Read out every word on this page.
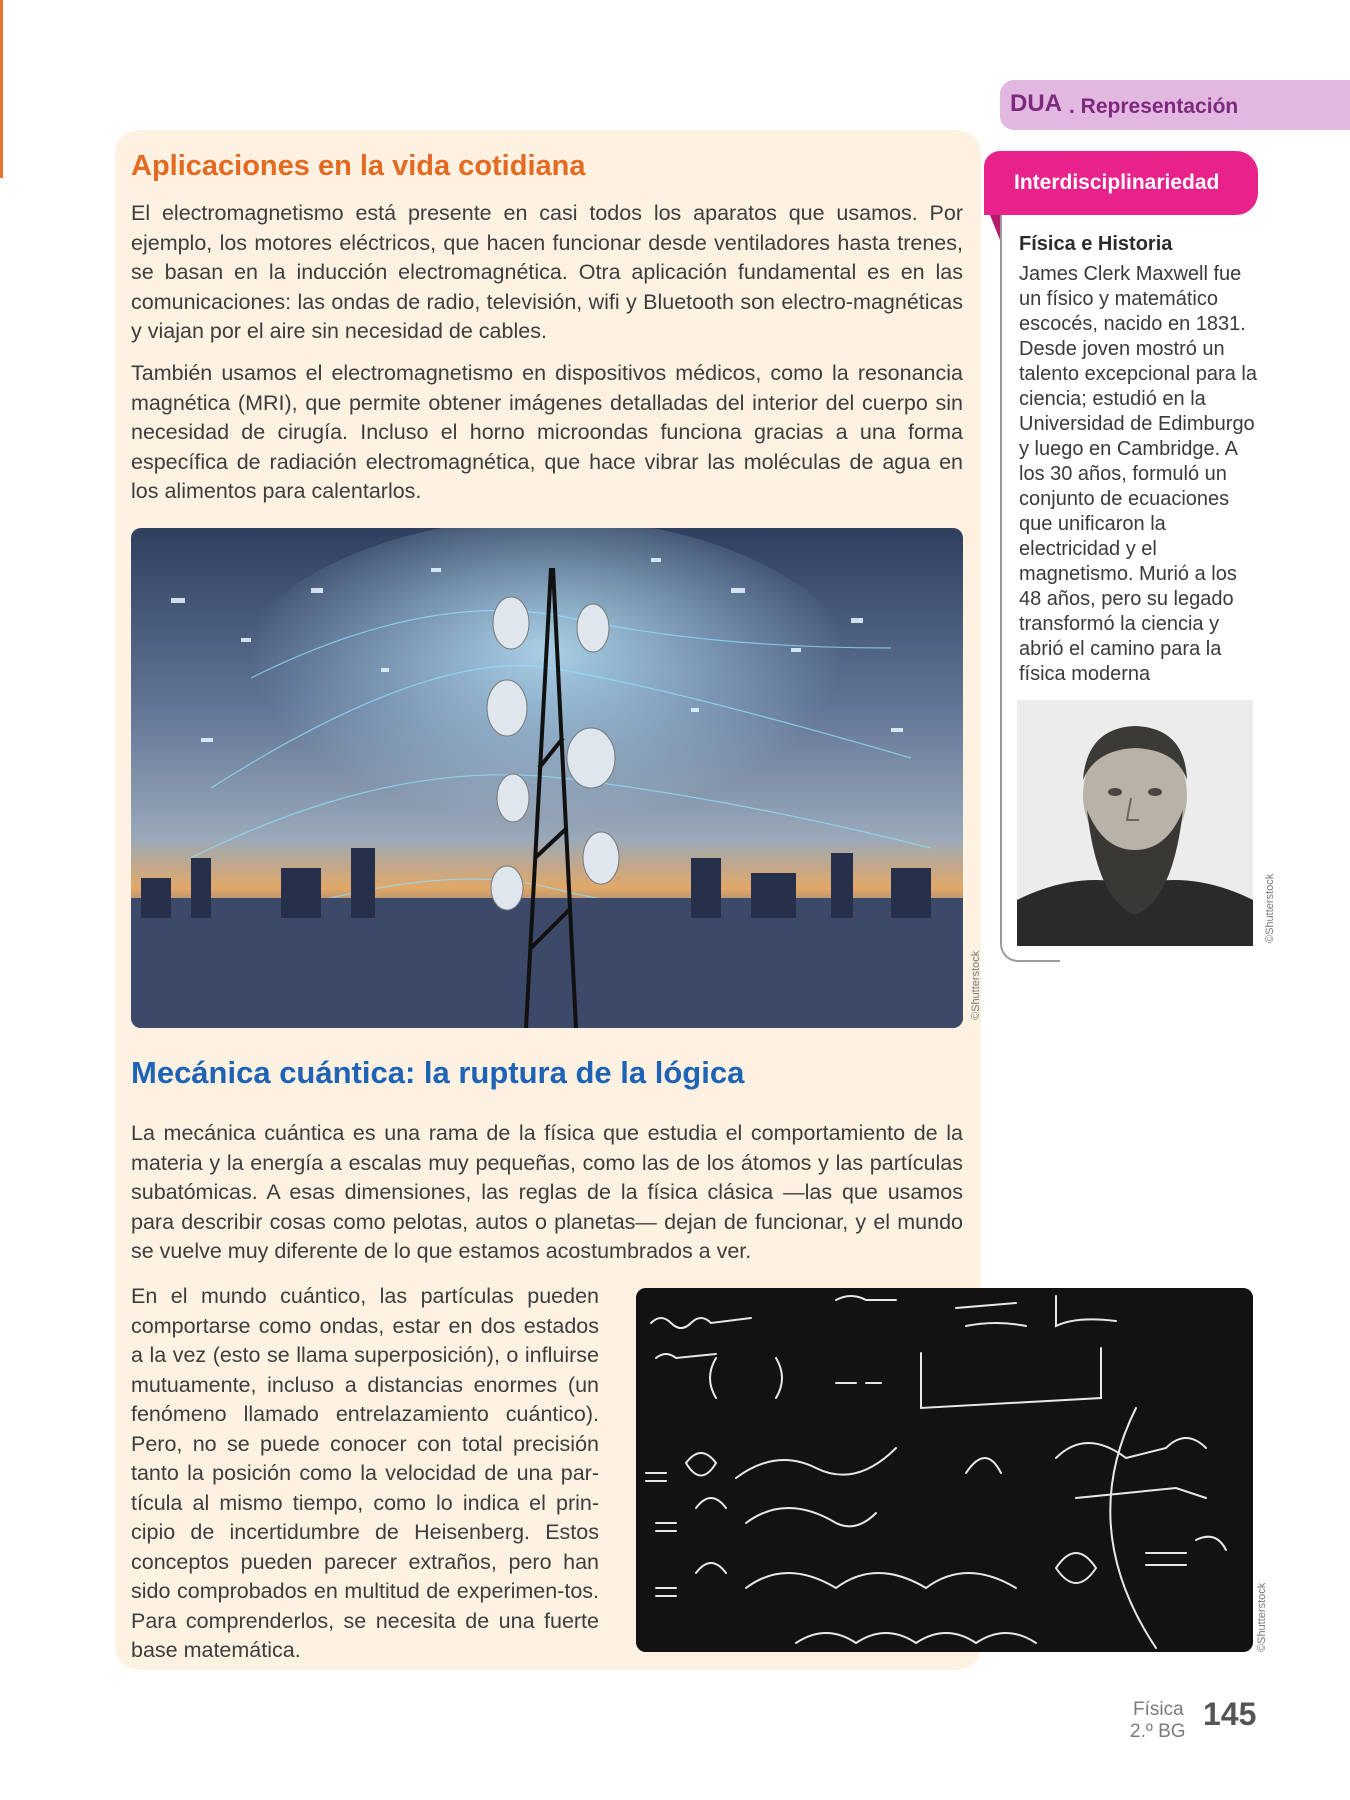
DUA . Representación
Aplicaciones en la vida cotidiana

El electromagnetismo está presente en casi todos los aparatos que usamos. Por ejemplo, los motores eléctricos, que hacen funcionar desde ventiladores hasta trenes, se basan en la inducción electromagnética. Otra aplicación fundamental es en las comunicaciones: las ondas de radio, televisión, wifi y Bluetooth son electro-magnéticas y viajan por el aire sin necesidad de cables.

También usamos el electromagnetismo en dispositivos médicos, como la resonancia magnética (MRI), que permite obtener imágenes detalladas del interior del cuerpo sin necesidad de cirugía. Incluso el horno microondas funciona gracias a una forma específica de radiación electromagnética, que hace vibrar las moléculas de agua en los alimentos para calentarlos.

©Shutterstock
Interdisciplinariedad
Física e Historia
James Clerk Maxwell fue un físico y matemático escocés, nacido en 1831. Desde joven mostró un talento excepcional para la ciencia; estudió en la Universidad de Edimburgo y luego en Cambridge. A los 30 años, formuló un conjunto de ecuaciones que unificaron la electricidad y el magnetismo. Murió a los 48 años, pero su legado transformó la ciencia y abrió el camino para la física moderna
©Shutterstock
Mecánica cuántica: la ruptura de la lógica

La mecánica cuántica es una rama de la física que estudia el comportamiento de la materia y la energía a escalas muy pequeñas, como las de los átomos y las partículas subatómicas. A esas dimensiones, las reglas de la física clásica —las que usamos para describir cosas como pelotas, autos o planetas— dejan de funcionar, y el mundo se vuelve muy diferente de lo que estamos acostumbrados a ver.

En el mundo cuántico, las partículas pueden comportarse como ondas, estar en dos estados a la vez (esto se llama superposición), o influirse mutuamente, incluso a distancias enormes (un fenómeno llamado entrelazamiento cuántico). Pero, no se puede conocer con total precisión tanto la posición como la velocidad de una par-tícula al mismo tiempo, como lo indica el prin-cipio de incertidumbre de Heisenberg. Estos conceptos pueden parecer extraños, pero han sido comprobados en multitud de experimen-tos. Para comprenderlos, se necesita de una fuerte base matemática.	©Shutterstock
Física
2.º BG 145
